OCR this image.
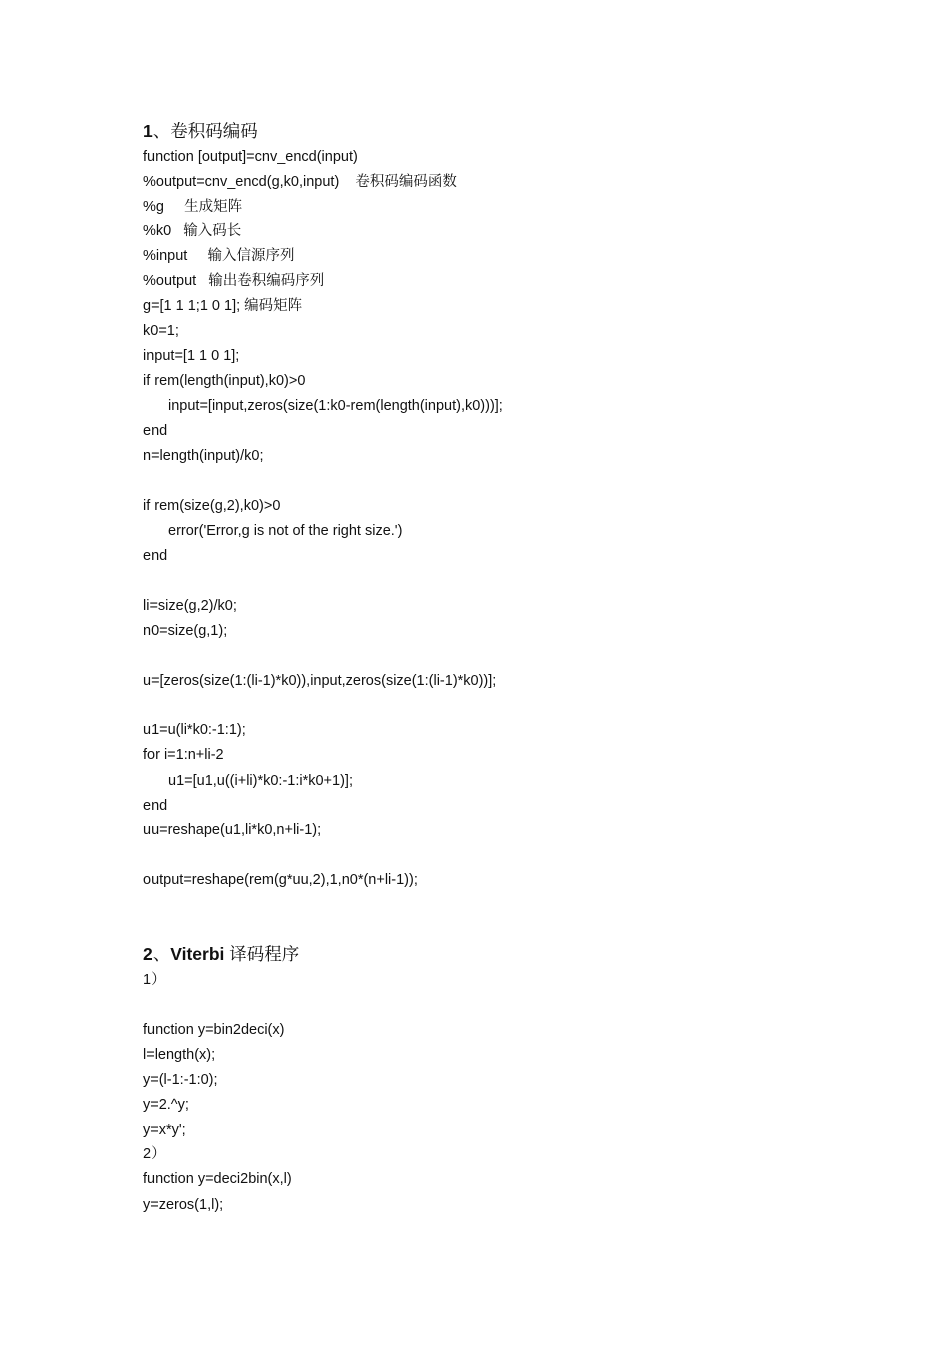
1、卷积码编码
function [output]=cnv_encd(input)
%output=cnv_encd(g,k0,input)    卷积码编码函数
%g     生成矩阵
%k0   输入码长
%input     输入信源序列
%output   输出卷积编码序列
g=[1 1 1;1 0 1]; 编码矩阵
k0=1;
input=[1 1 0 1];
if rem(length(input),k0)>0
input=[input,zeros(size(1:k0-rem(length(input),k0)))];
end
n=length(input)/k0;
if rem(size(g,2),k0)>0
error('Error,g is not of the right size.')
end
li=size(g,2)/k0;
n0=size(g,1);
u=[zeros(size(1:(li-1)*k0)),input,zeros(size(1:(li-1)*k0))];
u1=u(li*k0:-1:1);
for i=1:n+li-2
u1=[u1,u((i+li)*k0:-1:i*k0+1)];
end
uu=reshape(u1,li*k0,n+li-1);
output=reshape(rem(g*uu,2),1,n0*(n+li-1));
2、Viterbi 译码程序
1）
function y=bin2deci(x)
l=length(x);
y=(l-1:-1:0);
y=2.^y;
y=x*y';
2）
function y=deci2bin(x,l)
y=zeros(1,l);
